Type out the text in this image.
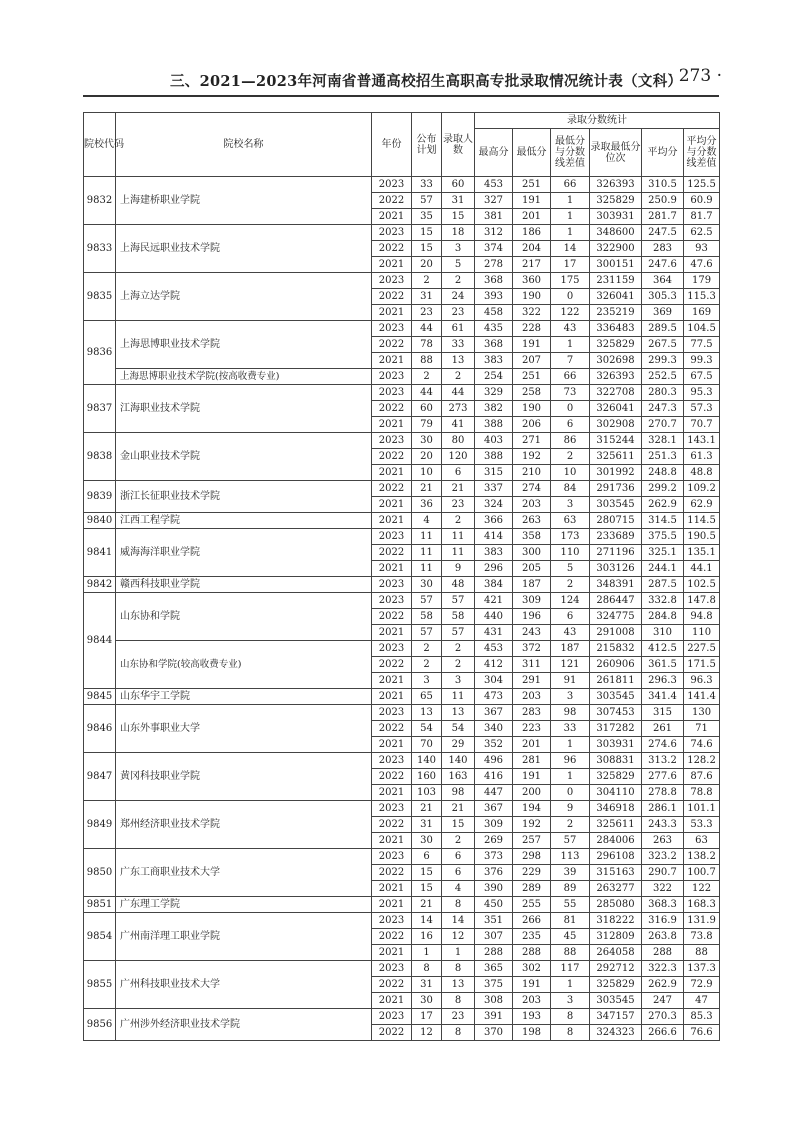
三、2021—2023年河南省普通高校招生高职高专批录取情况统计表（文科）
· 273 ·
院校代码	院校名称	年份	公布计划	录取人数	录取分数统计					
					最高分	最低分	最低分与分数线差值	录取最低分位次	平均分	平均分与分数线差值
9832	上海建桥职业学院	2023	33	60	453	251	66	326393	310.5	125.5
		2022	57	31	327	191	1	325829	250.9	60.9
		2021	35	15	381	201	1	303931	281.7	81.7
9833	上海民远职业技术学院	2023	15	18	312	186	1	348600	247.5	62.5
		2022	15	3	374	204	14	322900	283	93
		2021	20	5	278	217	17	300151	247.6	47.6
9835	上海立达学院	2023	2	2	368	360	175	231159	364	179
		2022	31	24	393	190	0	326041	305.3	115.3
		2021	23	23	458	322	122	235219	369	169
9836	上海思博职业技术学院	2023	44	61	435	228	43	336483	289.5	104.5
		2022	78	33	368	191	1	325829	267.5	77.5
		2021	88	13	383	207	7	302698	299.3	99.3
	上海思博职业技术学院(按高收费专业)	2023	2	2	254	251	66	326393	252.5	67.5
9837	江海职业技术学院	2023	44	44	329	258	73	322708	280.3	95.3
		2022	60	273	382	190	0	326041	247.3	57.3
		2021	79	41	388	206	6	302908	270.7	70.7
9838	金山职业技术学院	2023	30	80	403	271	86	315244	328.1	143.1
		2022	20	120	388	192	2	325611	251.3	61.3
		2021	10	6	315	210	10	301992	248.8	48.8
9839	浙江长征职业技术学院	2022	21	21	337	274	84	291736	299.2	109.2
		2021	36	23	324	203	3	303545	262.9	62.9
9840	江西工程学院	2021	4	2	366	263	63	280715	314.5	114.5
9841	威海海洋职业学院	2023	11	11	414	358	173	233689	375.5	190.5
		2022	11	11	383	300	110	271196	325.1	135.1
		2021	11	9	296	205	5	303126	244.1	44.1
9842	赣西科技职业学院	2023	30	48	384	187	2	348391	287.5	102.5
9844	山东协和学院	2023	57	57	421	309	124	286447	332.8	147.8
		2022	58	58	440	196	6	324775	284.8	94.8
		2021	57	57	431	243	43	291008	310	110
	山东协和学院(较高收费专业)	2023	2	2	453	372	187	215832	412.5	227.5
		2022	2	2	412	311	121	260906	361.5	171.5
		2021	3	3	304	291	91	261811	296.3	96.3
9845	山东华宇工学院	2021	65	11	473	203	3	303545	341.4	141.4
9846	山东外事职业大学	2023	13	13	367	283	98	307453	315	130
		2022	54	54	340	223	33	317282	261	71
		2021	70	29	352	201	1	303931	274.6	74.6
9847	黄冈科技职业学院	2023	140	140	496	281	96	308831	313.2	128.2
		2022	160	163	416	191	1	325829	277.6	87.6
		2021	103	98	447	200	0	304110	278.8	78.8
9849	郑州经济职业技术学院	2023	21	21	367	194	9	346918	286.1	101.1
		2022	31	15	309	192	2	325611	243.3	53.3
		2021	30	2	269	257	57	284006	263	63
9850	广东工商职业技术大学	2023	6	6	373	298	113	296108	323.2	138.2
		2022	15	6	376	229	39	315163	290.7	100.7
		2021	15	4	390	289	89	263277	322	122
9851	广东理工学院	2021	21	8	450	255	55	285080	368.3	168.3
9854	广州南洋理工职业学院	2023	14	14	351	266	81	318222	316.9	131.9
		2022	16	12	307	235	45	312809	263.8	73.8
		2021	1	1	288	288	88	264058	288	88
9855	广州科技职业技术大学	2023	8	8	365	302	117	292712	322.3	137.3
		2022	31	13	375	191	1	325829	262.9	72.9
		2021	30	8	308	203	3	303545	247	47
9856	广州涉外经济职业技术学院	2023	17	23	391	193	8	347157	270.3	85.3
		2022	12	8	370	198	8	324323	266.6	76.6
